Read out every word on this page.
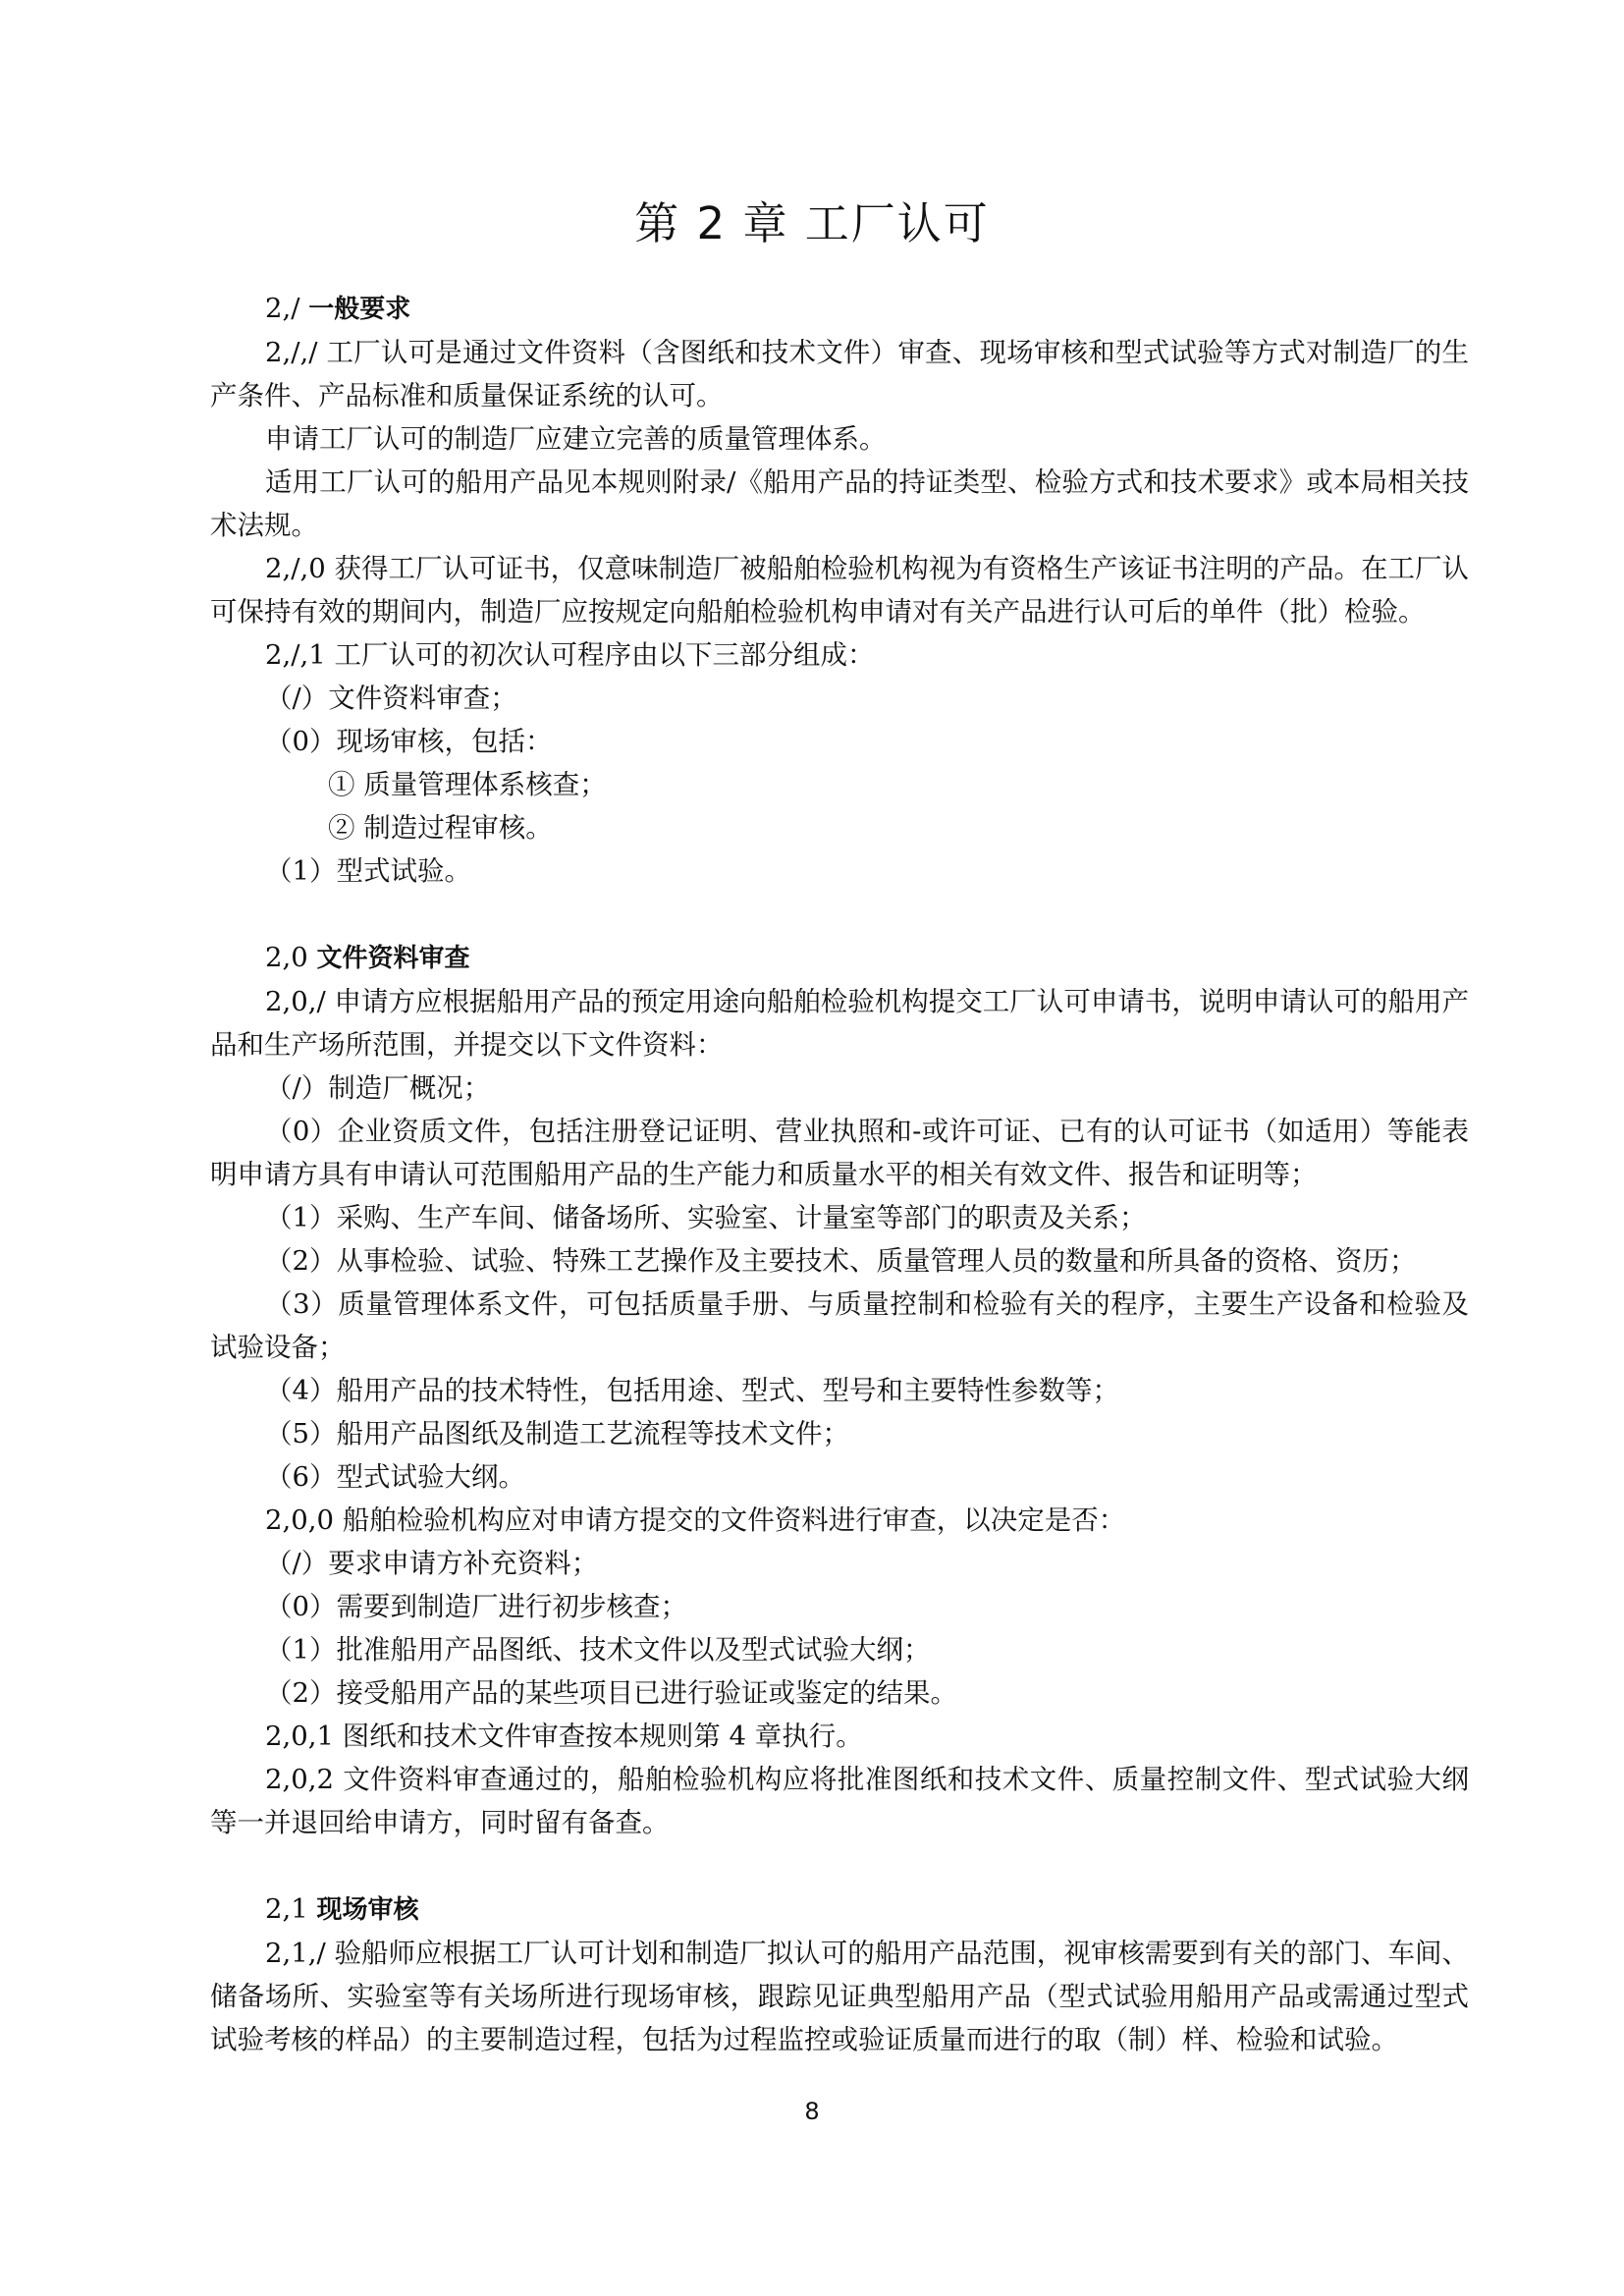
第 2 章 工厂认可

2,/ 一般要求

2,/,/ 工厂认可是通过文件资料（含图纸和技术文件）审查、现场审核和型式试验等方式对制造厂的生产条件、产品标准和质量保证系统的认可。

申请工厂认可的制造厂应建立完善的质量管理体系。

适用工厂认可的船用产品见本规则附录/《船用产品的持证类型、检验方式和技术要求》或本局相关技术法规。

2,/,0 获得工厂认可证书，仅意味制造厂被船舶检验机构视为有资格生产该证书注明的产品。在工厂认可保持有效的期间内，制造厂应按规定向船舶检验机构申请对有关产品进行认可后的单件（批）检验。

2,/,1 工厂认可的初次认可程序由以下三部分组成：

（/）文件资料审查；

（0）现场审核，包括：

① 质量管理体系核查；

② 制造过程审核。

（1）型式试验。

2,0 文件资料审查

2,0,/ 申请方应根据船用产品的预定用途向船舶检验机构提交工厂认可申请书，说明申请认可的船用产品和生产场所范围，并提交以下文件资料：

（/）制造厂概况；

（0）企业资质文件，包括注册登记证明、营业执照和-或许可证、已有的认可证书（如适用）等能表明申请方具有申请认可范围船用产品的生产能力和质量水平的相关有效文件、报告和证明等；

（1）采购、生产车间、储备场所、实验室、计量室等部门的职责及关系；

（2）从事检验、试验、特殊工艺操作及主要技术、质量管理人员的数量和所具备的资格、资历；

（3）质量管理体系文件，可包括质量手册、与质量控制和检验有关的程序，主要生产设备和检验及试验设备；

（4）船用产品的技术特性，包括用途、型式、型号和主要特性参数等；

（5）船用产品图纸及制造工艺流程等技术文件；

（6）型式试验大纲。

2,0,0 船舶检验机构应对申请方提交的文件资料进行审查，以决定是否：

（/）要求申请方补充资料；

（0）需要到制造厂进行初步核查；

（1）批准船用产品图纸、技术文件以及型式试验大纲；

（2）接受船用产品的某些项目已进行验证或鉴定的结果。

2,0,1 图纸和技术文件审查按本规则第 4 章执行。

2,0,2 文件资料审查通过的，船舶检验机构应将批准图纸和技术文件、质量控制文件、型式试验大纲等一并退回给申请方，同时留有备查。

2,1 现场审核

2,1,/ 验船师应根据工厂认可计划和制造厂拟认可的船用产品范围，视审核需要到有关的部门、车间、储备场所、实验室等有关场所进行现场审核，跟踪见证典型船用产品（型式试验用船用产品或需通过型式试验考核的样品）的主要制造过程，包括为过程监控或验证质量而进行的取（制）样、检验和试验。

8
